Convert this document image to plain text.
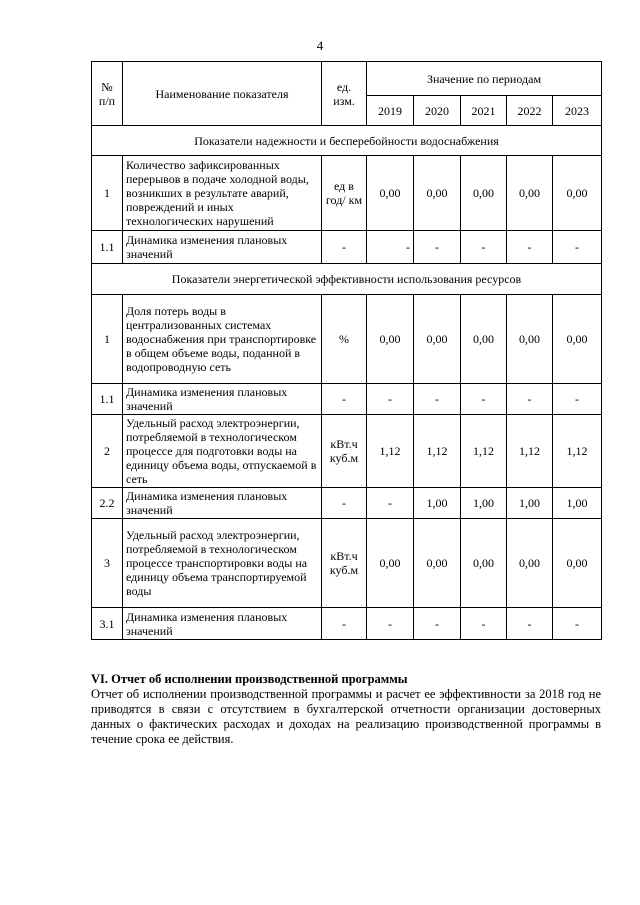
4
№ п/п	Наименование показателя	ед. изм.	Значение по периодам				
			2019	2020	2021	2022	2023
Показатели надежности и бесперебойности водоснабжения							
1	Количество зафиксированных перерывов в подаче холодной воды, возникших в результате аварий, повреждений и иных технологических нарушений	ед в год/ км	0,00	0,00	0,00	0,00	0,00
1.1	Динамика изменения плановых значений	-	-	-	-	-	-
Показатели энергетической эффективности использования ресурсов							
1	Доля потерь воды в централизованных системах водоснабжения при транспортировке в общем объеме воды, поданной в водопроводную сеть	%	0,00	0,00	0,00	0,00	0,00
1.1	Динамика изменения плановых значений	-	-	-	-	-	-
2	Удельный расход электроэнергии, потребляемой в технологическом процессе для подготовки воды на единицу объема воды, отпускаемой в сеть	кВт.ч куб.м	1,12	1,12	1,12	1,12	1,12
2.2	Динамика изменения плановых значений	-	-	1,00	1,00	1,00	1,00
3	Удельный расход электроэнергии, потребляемой в технологическом процессе транспортировки воды на единицу объема транспортируемой воды	кВт.ч куб.м	0,00	0,00	0,00	0,00	0,00
3.1	Динамика изменения плановых значений	-	-	-	-	-	-
VI. Отчет об исполнении производственной программы

Отчет об исполнении производственной программы и расчет ее эффективности за 2018 год не приводятся в связи с отсутствием в бухгалтерской отчетности организации достоверных данных о фактических расходах и доходах на реализацию производственной программы в течение срока ее действия.
